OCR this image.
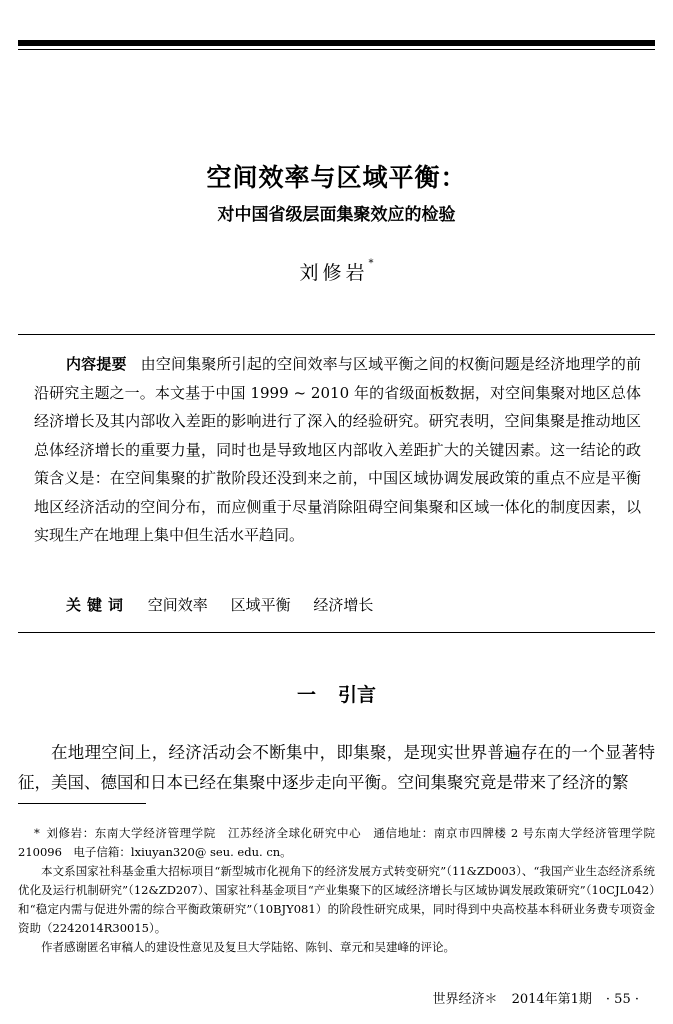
空间效率与区域平衡：
对中国省级层面集聚效应的检验
刘修岩*
内容提要 由空间集聚所引起的空间效率与区域平衡之间的权衡问题是经济地理学的前沿研究主题之一。本文基于中国 1999 ~ 2010 年的省级面板数据，对空间集聚对地区总体经济增长及其内部收入差距的影响进行了深入的经验研究。研究表明，空间集聚是推动地区总体经济增长的重要力量，同时也是导致地区内部收入差距扩大的关键因素。这一结论的政策含义是：在空间集聚的扩散阶段还没到来之前，中国区域协调发展政策的重点不应是平衡地区经济活动的空间分布，而应侧重于尽量消除阻碍空间集聚和区域一体化的制度因素，以实现生产在地理上集中但生活水平趋同。
关键词 空间效率 区域平衡 经济增长
一 引言
在地理空间上，经济活动会不断集中，即集聚，是现实世界普遍存在的一个显著特征，美国、德国和日本已经在集聚中逐步走向平衡。空间集聚究竟是带来了经济的繁

* 刘修岩：东南大学经济管理学院　江苏经济全球化研究中心　通信地址：南京市四牌楼 2 号东南大学经济管理学院　210096　电子信箱：lxiuyan320@ seu. edu. cn。

本文系国家社科基金重大招标项目“新型城市化视角下的经济发展方式转变研究”（11&ZD003）、“我国产业生态经济系统优化及运行机制研究”（12&ZD207）、国家社科基金项目“产业集聚下的区域经济增长与区域协调发展政策研究”（10CJL042）和“稳定内需与促进外需的综合平衡政策研究”（10BJY081）的阶段性研究成果，同时得到中央高校基本科研业务费专项资金资助（2242014R30015）。

作者感谢匿名审稿人的建设性意见及复旦大学陆铭、陈钊、章元和吴建峰的评论。

世界经济＊ 2014年第1期 · 55 ·
